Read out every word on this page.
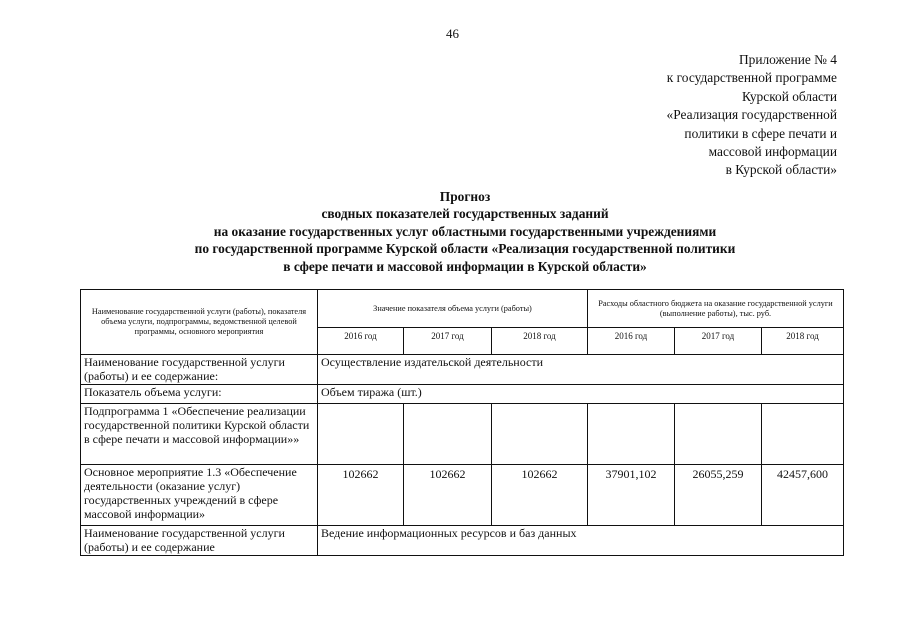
46
Приложение № 4
к государственной программе
Курской области
«Реализация государственной
политики в сфере печати и
массовой информации
в Курской области»
Прогноз
сводных показателей государственных заданий
на оказание государственных услуг областными государственными учреждениями
по государственной программе Курской области «Реализация государственной политики
в сфере печати и массовой информации в Курской области»
Наименование государственной услуги (работы), показателя объема услуги, подпрограммы, ведомственной целевой программы, основного мероприятия	Значение показателя объема услуги (работы)			Расходы областного бюджета на оказание государственной услуги (выполнение работы), тыс. руб.		
	2016 год	2017 год	2018 год	2016 год	2017 год	2018 год
Наименование государственной услуги (работы) и ее содержание:	Осуществление издательской деятельности					
Показатель объема услуги:	Объем тиража (шт.)					
Подпрограмма 1 «Обеспечение реализации государственной политики Курской области в сфере печати и массовой информации»»						
Основное мероприятие 1.3 «Обеспечение деятельности (оказание услуг) государственных учреждений в сфере массовой информации»	102662	102662	102662	37901,102	26055,259	42457,600
Наименование государственной услуги (работы) и ее содержание	Ведение информационных ресурсов и баз данных					
